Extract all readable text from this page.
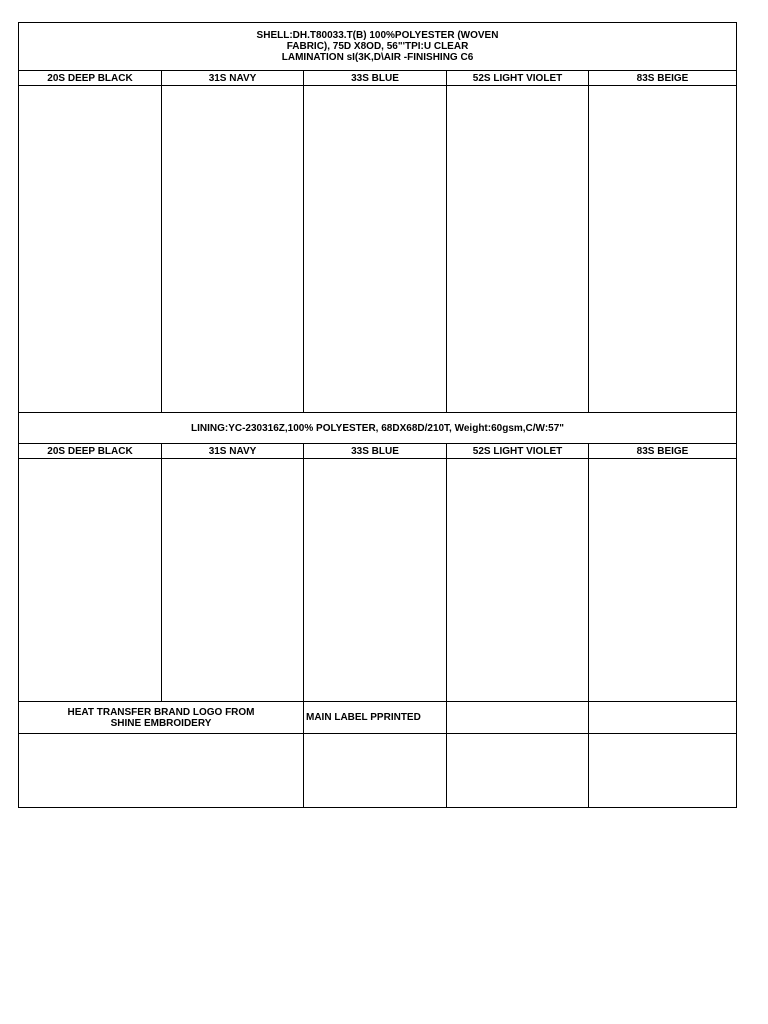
SHELL:DH.T80033.T(B) 100%POLYESTER (WOVEN
FABRIC), 75D X8OD, 56"'TPI:U CLEAR
LAMINATION sI(3K,D\AIR -FINISHING C6				

20S DEEP BLACK	31S NAVY	33S BLUE	52S LIGHT VIOLET	83S BEIGE

LINING:YC-230316Z,100% POLYESTER, 68DX68D/210T, Weight:60gsm,C/W:57"				
20S DEEP BLACK	31S NAVY	33S BLUE	52S LIGHT VIOLET	83S BEIGE

HEAT TRANSFER BRAND LOGO FROM
SHINE EMBROIDERY		MAIN LABEL PPRINTED		
